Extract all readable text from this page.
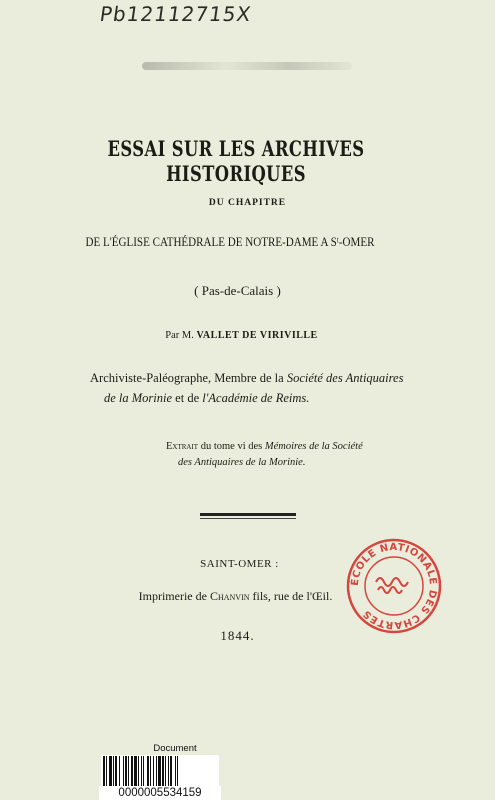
Pb12112715X
ESSAI SUR LES ARCHIVES HISTORIQUES
DU CHAPITRE
DE L'ÉGLISE CATHÉDRALE DE NOTRE-DAME A Sᵗ-OMER
( Pas-de-Calais )
Par M. VALLET DE VIRIVILLE
Archiviste-Paléographe, Membre de la Société des Antiquaires
de la Morinie et de l'Académie de Reims.
Extrait du tome vi des Mémoires de la Société
des Antiquaires de la Morinie.
SAINT-OMER :
Imprimerie de Chanvin fils, rue de l'Œil.
1844.
ÉCOLE NATIONALE DES CHARTES
Document
0000005534159
